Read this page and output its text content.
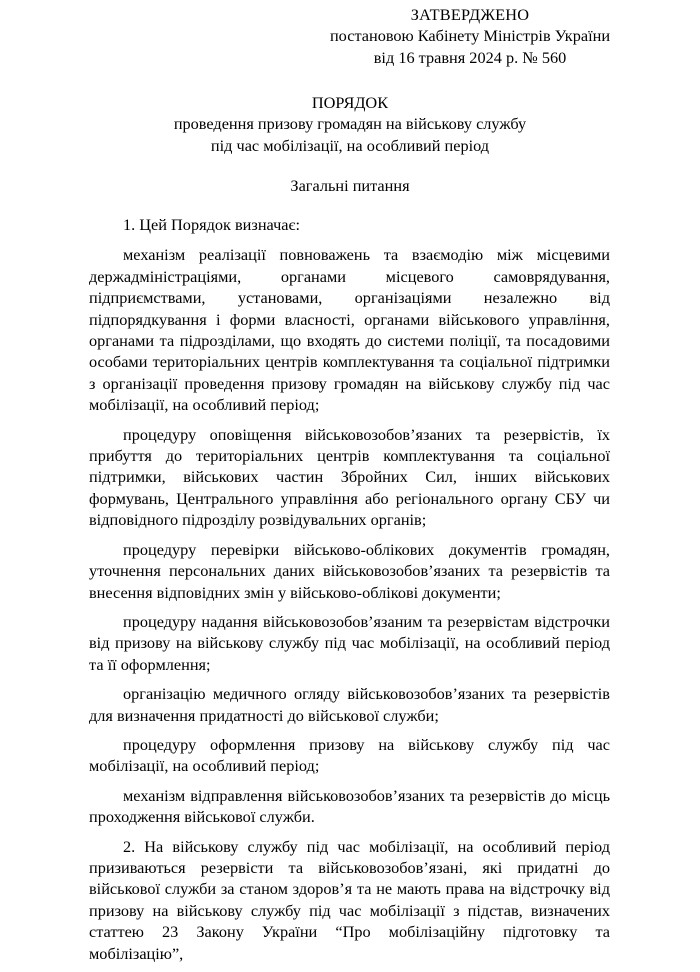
ЗАТВЕРДЖЕНО
постановою Кабінету Міністрів України
від 16 травня 2024 р. № 560
ПОРЯДОК
проведення призову громадян на військову службу
під час мобілізації, на особливий період
Загальні питання

1. Цей Порядок визначає:

механізм реалізації повноважень та взаємодію між місцевими держадміністраціями, органами місцевого самоврядування, підприємствами, установами, організаціями незалежно від підпорядкування і форми власності, органами військового управління, органами та підрозділами, що входять до системи поліції, та посадовими особами територіальних центрів комплектування та соціальної підтримки з організації проведення призову громадян на військову службу під час мобілізації, на особливий період;

процедуру оповіщення військовозобов’язаних та резервістів, їх прибуття до територіальних центрів комплектування та соціальної підтримки, військових частин Збройних Сил, інших військових формувань, Центрального управління або регіонального органу СБУ чи відповідного підрозділу розвідувальних органів;

процедуру перевірки військово-облікових документів громадян, уточнення персональних даних військовозобов’язаних та резервістів та внесення відповідних змін у військово-облікові документи;

процедуру надання військовозобов’язаним та резервістам відстрочки від призову на військову службу під час мобілізації, на особливий період та її оформлення;

організацію медичного огляду військовозобов’язаних та резервістів для визначення придатності до військової служби;

процедуру оформлення призову на військову службу під час мобілізації, на особливий період;

механізм відправлення військовозобов’язаних та резервістів до місць проходження військової служби.

2. На військову службу під час мобілізації, на особливий період призиваються резервісти та військовозобов’язані, які придатні до військової служби за станом здоров’я та не мають права на відстрочку від призову на військову службу під час мобілізації з підстав, визначених статтею 23 Закону України “Про мобілізаційну підготовку та мобілізацію”,
